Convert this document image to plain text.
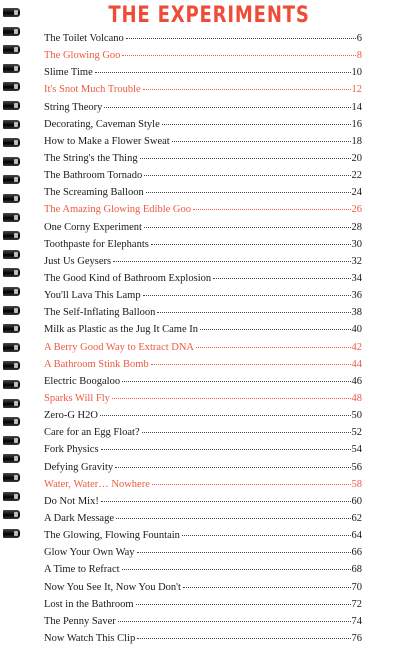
THE EXPERIMENTS
The Toilet Volcano	6
The Glowing Goo	8
Slime Time	10
It's Snot Much Trouble	12
String Theory	14
Decorating, Caveman Style	16
How to Make a Flower Sweat	18
The String's the Thing	20
The Bathroom Tornado	22
The Screaming Balloon	24
The Amazing Glowing Edible Goo	26
One Corny Experiment	28
Toothpaste for Elephants	30
Just Us Geysers	32
The Good Kind of Bathroom Explosion	34
You'll Lava This Lamp	36
The Self-Inflating Balloon	38
Milk as Plastic as the Jug It Came In	40
A Berry Good Way to Extract DNA	42
A Bathroom Stink Bomb	44
Electric Boogaloo	46
Sparks Will Fly	48
Zero-G H2O	50
Care for an Egg Float?	52
Fork Physics	54
Defying Gravity	56
Water, Water… Nowhere	58
Do Not Mix!	60
A Dark Message	62
The Glowing, Flowing Fountain	64
Glow Your Own Way	66
A Time to Refract	68
Now You See It, Now You Don't	70
Lost in the Bathroom	72
The Penny Saver	74
Now Watch This Clip	76
